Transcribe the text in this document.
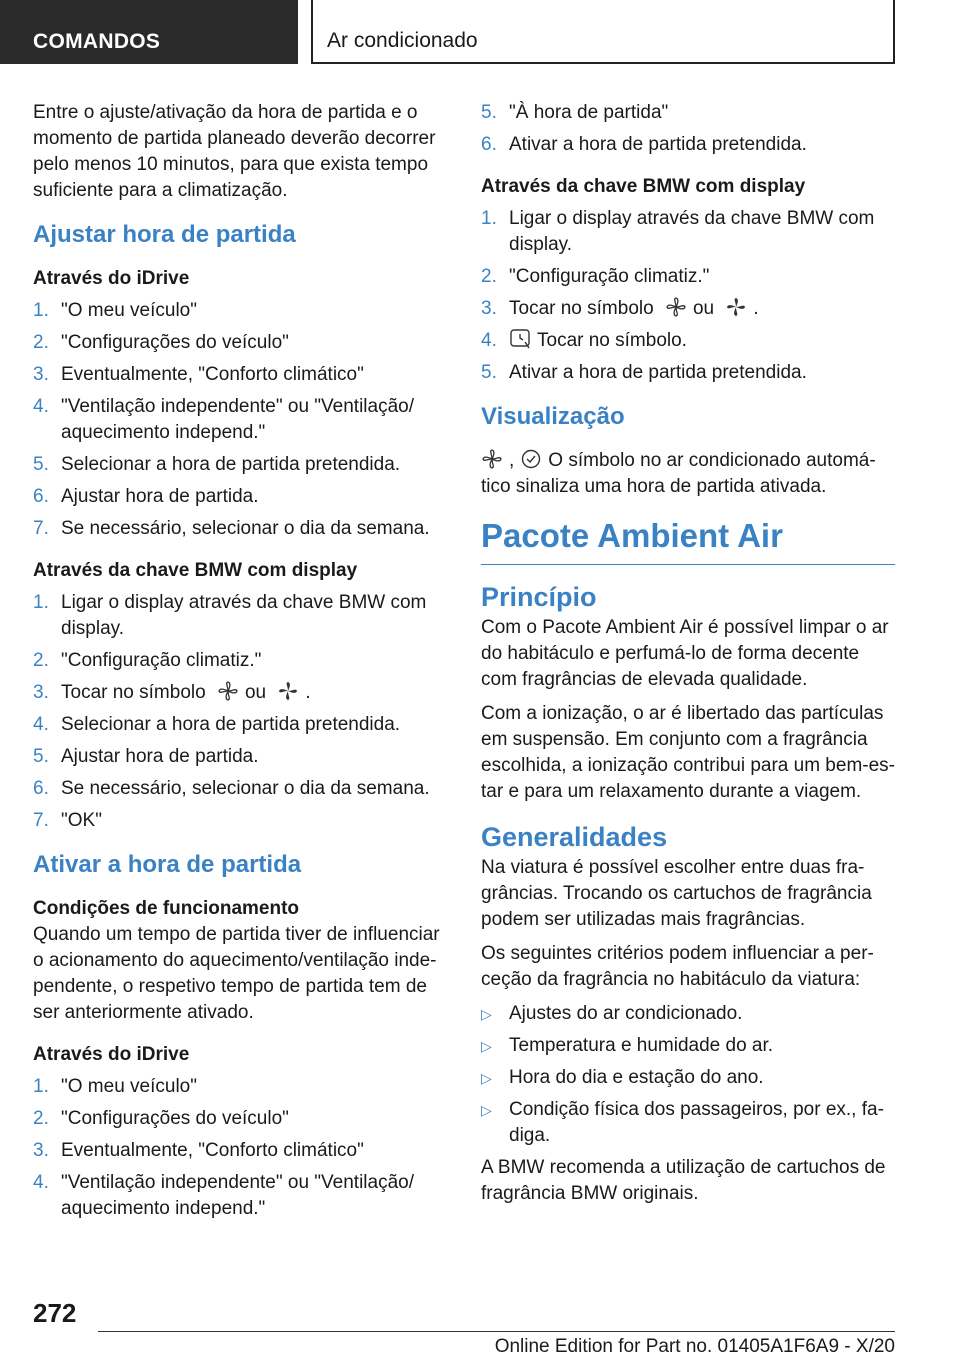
COMANDOS	Ar condicionado

Entre o ajuste/ativação da hora de partida e o momento de partida planeado deverão decorrer pelo menos 10 minutos, para que exista tempo suficiente para a climatização.

Ajustar hora de partida
Através do iDrive
1. "O meu veículo"
2. "Configurações do veículo"
3. Eventualmente, "Conforto climático"
4. "Ventilação independente" ou "Ventilação/ aquecimento independ."
5. Selecionar a hora de partida pretendida.
6. Ajustar hora de partida.
7. Se necessário, selecionar o dia da semana.
Através da chave BMW com display
1. Ligar o display através da chave BMW com display.
2. "Configuração climatiz."
3. Tocar no símbolo ou .
4. Selecionar a hora de partida pretendida.
5. Ajustar hora de partida.
6. Se necessário, selecionar o dia da semana.
7. "OK"
Ativar a hora de partida
Condições de funcionamento

Quando um tempo de partida tiver de influenciar o acionamento do aquecimento/ventilação inde-pendente, o respetivo tempo de partida tem de ser anteriormente ativado.

Através do iDrive
1. "O meu veículo"
2. "Configurações do veículo"
3. Eventualmente, "Conforto climático"
4. "Ventilação independente" ou "Ventilação/ aquecimento independ."
5. "À hora de partida"
6. Ativar a hora de partida pretendida.
Através da chave BMW com display
1. Ligar o display através da chave BMW com display.
2. "Configuração climatiz."
3. Tocar no símbolo ou .
4. Tocar no símbolo.
5. Ativar a hora de partida pretendida.
Visualização

, O símbolo no ar condicionado automá-tico sinaliza uma hora de partida ativada.

Pacote Ambient Air
Princípio

Com o Pacote Ambient Air é possível limpar o ar do habitáculo e perfumá-lo de forma decente com fragrâncias de elevada qualidade.

Com a ionização, o ar é libertado das partículas em suspensão. Em conjunto com a fragrância escolhida, a ionização contribui para um bem-es-tar e para um relaxamento durante a viagem.

Generalidades

Na viatura é possível escolher entre duas fra-grâncias. Trocando os cartuchos de fragrância podem ser utilizadas mais fragrâncias.

Os seguintes critérios podem influenciar a per-ceção da fragrância no habitáculo da viatura:

▷ Ajustes do ar condicionado.
▷ Temperatura e humidade do ar.
▷ Hora do dia e estação do ano.
▷ Condição física dos passageiros, por ex., fa-diga.

A BMW recomenda a utilização de cartuchos de fragrância BMW originais.

272
Online Edition for Part no. 01405A1F6A9 - X/20
